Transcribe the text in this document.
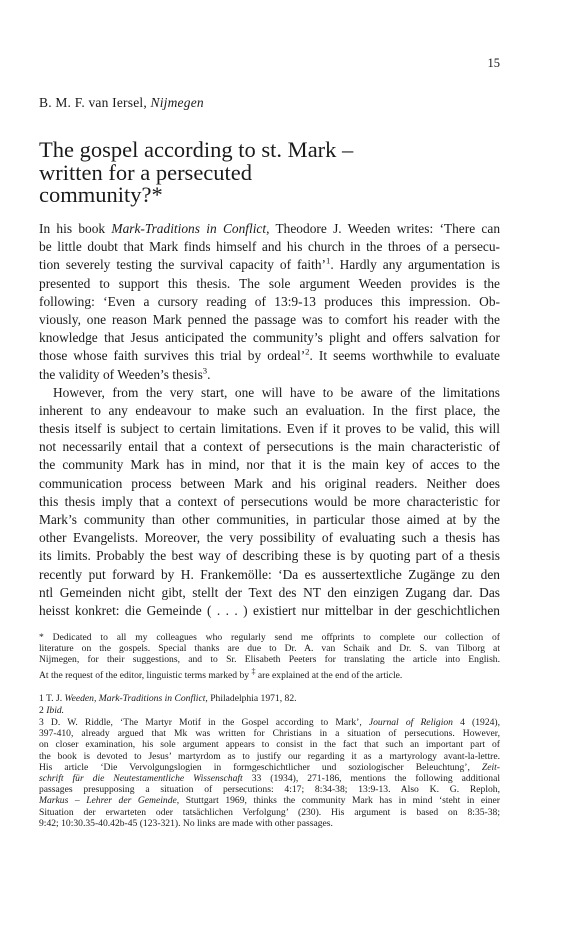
15
B. M. F. van Iersel, Nijmegen
The gospel according to st. Mark –
written for a persecuted
community?*
In his book Mark-Traditions in Conflict, Theodore J. Weeden writes: ‘There can
be little doubt that Mark finds himself and his church in the throes of a persecu-
tion severely testing the survival capacity of faith’$^1$. Hardly any argumentation is
presented to support this thesis. The sole argument Weeden provides is the
following: ‘Even a cursory reading of 13:9-13 produces this impression. Ob-
viously, one reason Mark penned the passage was to comfort his reader with the
knowledge that Jesus anticipated the community’s plight and offers salvation for
those whose faith survives this trial by ordeal’$^2$. It seems worthwhile to evaluate
the validity of Weeden’s thesis$^3$.
However, from the very start, one will have to be aware of the limitations
inherent to any endeavour to make such an evaluation. In the first place, the
thesis itself is subject to certain limitations. Even if it proves to be valid, this will
not necessarily entail that a context of persecutions is the main characteristic of
the community Mark has in mind, nor that it is the main key of acces to the
communication process between Mark and his original readers. Neither does
this thesis imply that a context of persecutions would be more characteristic for
Mark’s community than other communities, in particular those aimed at by the
other Evangelists. Moreover, the very possibility of evaluating such a thesis has
its limits. Probably the best way of describing these is by quoting part of a thesis
recently put forward by H. Frankemölle: ‘Da es aussertextliche Zugänge zu den
ntl Gemeinden nicht gibt, stellt der Text des NT den einzigen Zugang dar. Das
heisst konkret: die Gemeinde ( . . . ) existiert nur mittelbar in der geschichtlichen
* Dedicated to all my colleagues who regularly send me offprints to complete our collection of
literature on the gospels. Special thanks are due to Dr. A. van Schaik and Dr. S. van Tilborg at
Nijmegen, for their suggestions, and to Sr. Elisabeth Peeters for translating the article into English.
At the request of the editor, linguistic terms marked by ‡ are explained at the end of the article.
1 T. J. Weeden, Mark-Traditions in Conflict, Philadelphia 1971, 82.
2 Ibid.
3 D. W. Riddle, ‘The Martyr Motif in the Gospel according to Mark’, Journal of Religion 4 (1924),
397-410, already argued that Mk was written for Christians in a situation of persecutions. However,
on closer examination, his sole argument appears to consist in the fact that such an important part of
the book is devoted to Jesus’ martyrdom as to justify our regarding it as a martyrology avant-la-lettre.
His article ‘Die Vervolgungslogien in formgeschichtlicher und soziologischer Beleuchtung’, Zeit-
schrift für die Neutestamentliche Wissenschaft 33 (1934), 271-186, mentions the following additional
passages presupposing a situation of persecutions: 4:17; 8:34-38; 13:9-13. Also K. G. Reploh,
Markus – Lehrer der Gemeinde, Stuttgart 1969, thinks the community Mark has in mind ‘steht in einer
Situation der erwarteten oder tatsächlichen Verfolgung’ (230). His argument is based on 8:35-38;
9:42; 10:30.35-40.42b-45 (123-321). No links are made with other passages.
